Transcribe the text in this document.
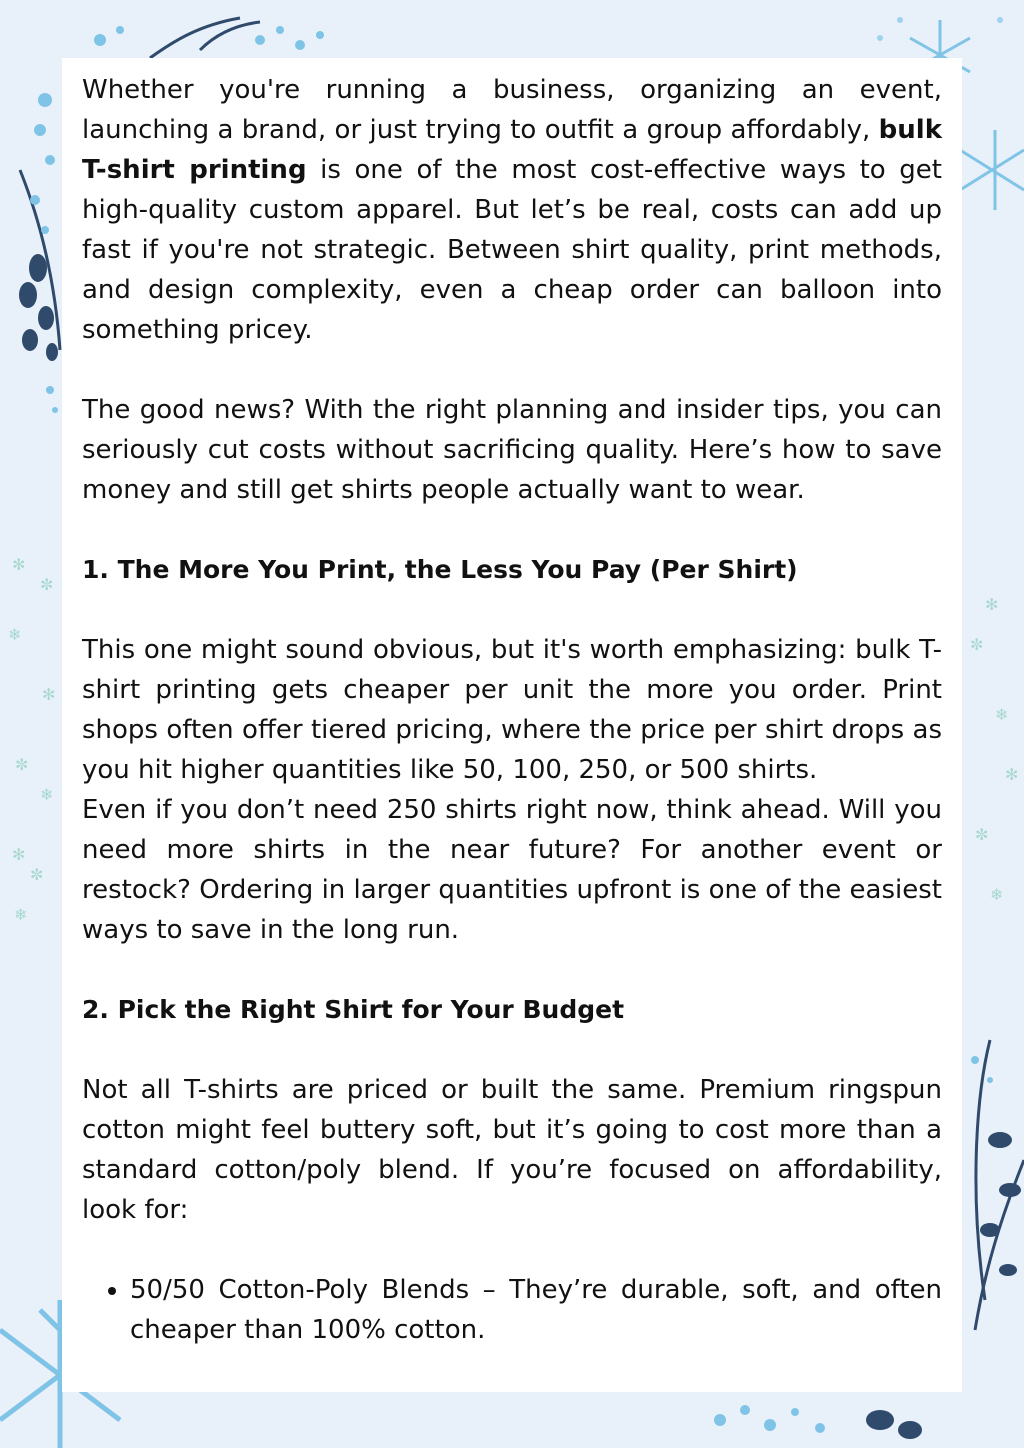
✻
✼
❄
✻
✼
❄
✻
✼
❄
✻
✼
❄
✻
✼
❄

Whether you're running a business, organizing an event, launching a brand, or just trying to outfit a group affordably, bulk T-shirt printing is one of the most cost-effective ways to get high-quality custom apparel. But let’s be real, costs can add up fast if you're not strategic. Between shirt quality, print methods, and design complexity, even a cheap order can balloon into something pricey.

The good news? With the right planning and insider tips, you can seriously cut costs without sacrificing quality. Here’s how to save money and still get shirts people actually want to wear.

1. The More You Print, the Less You Pay (Per Shirt)

This one might sound obvious, but it's worth emphasizing: bulk T-shirt printing gets cheaper per unit the more you order. Print shops often offer tiered pricing, where the price per shirt drops as you hit higher quantities like 50, 100, 250, or 500 shirts.

Even if you don’t need 250 shirts right now, think ahead. Will you need more shirts in the near future? For another event or restock? Ordering in larger quantities upfront is one of the easiest ways to save in the long run.

2. Pick the Right Shirt for Your Budget

Not all T-shirts are priced or built the same. Premium ringspun cotton might feel buttery soft, but it’s going to cost more than a standard cotton/poly blend. If you’re focused on affordability, look for:

• 50/50 Cotton-Poly Blends – They’re durable, soft, and often cheaper than 100% cotton.
